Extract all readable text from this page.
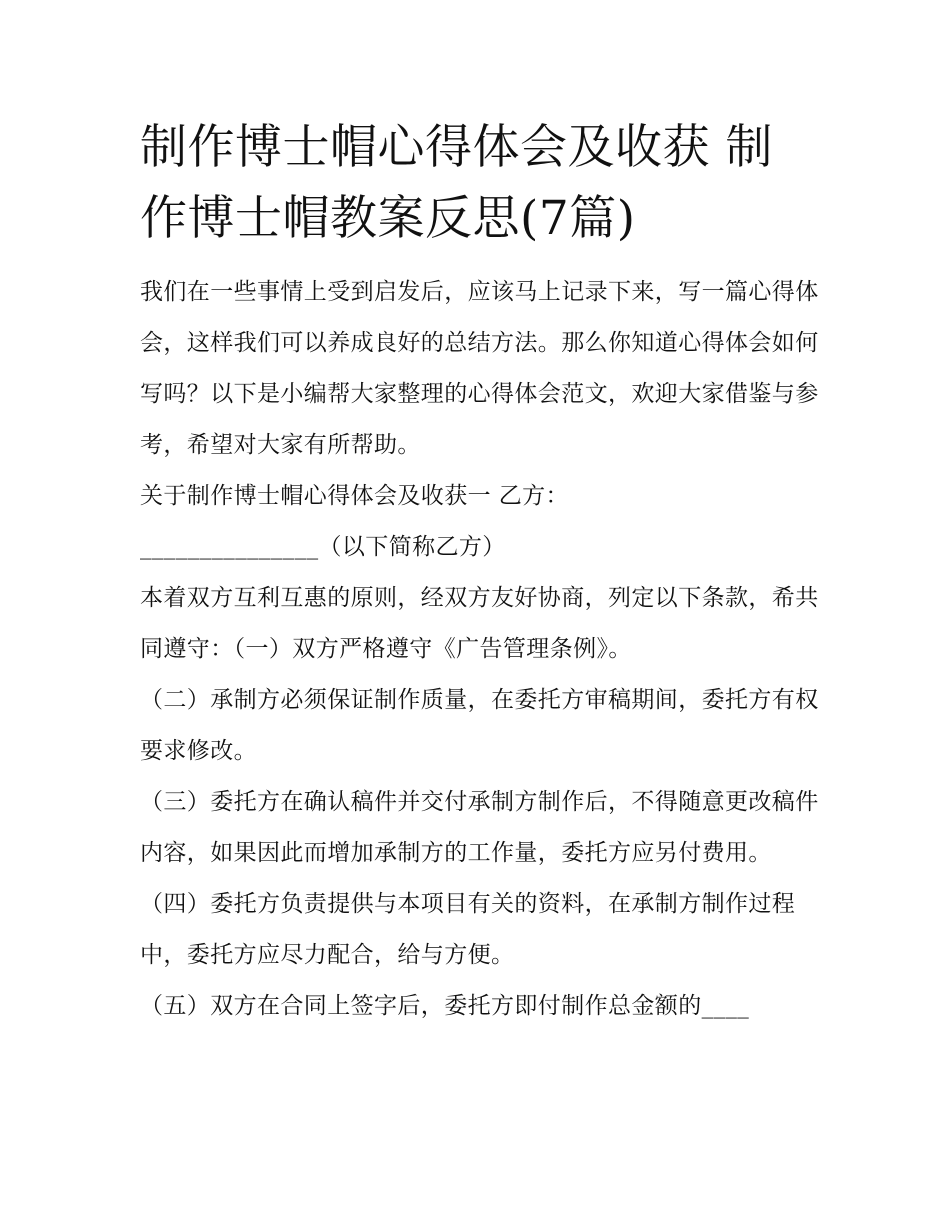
制作博士帽心得体会及收获 制作博士帽教案反思(7篇)

我们在一些事情上受到启发后，应该马上记录下来，写一篇心得体会，这样我们可以养成良好的总结方法。那么你知道心得体会如何写吗？以下是小编帮大家整理的心得体会范文，欢迎大家借鉴与参考，希望对大家有所帮助。

关于制作博士帽心得体会及收获一 乙方：

_______________（以下简称乙方）

本着双方互利互惠的原则，经双方友好协商，列定以下条款，希共同遵守：（一）双方严格遵守《广告管理条例》。

（二）承制方必须保证制作质量，在委托方审稿期间，委托方有权要求修改。

（三）委托方在确认稿件并交付承制方制作后，不得随意更改稿件内容，如果因此而增加承制方的工作量，委托方应另付费用。

（四）委托方负责提供与本项目有关的资料，在承制方制作过程中，委托方应尽力配合，给与方便。

（五）双方在合同上签字后，委托方即付制作总金额的____
